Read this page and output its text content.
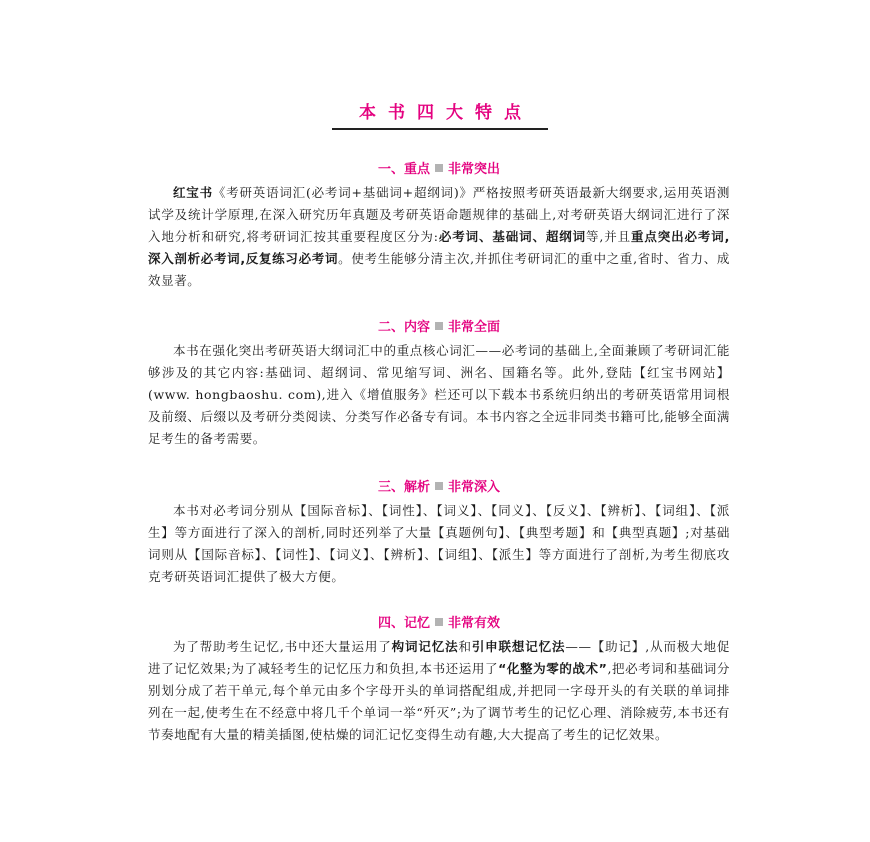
本书四大特点
一、重点 非常突出
红宝书《考研英语词汇(必考词+基础词+超纲词)》严格按照考研英语最新大纲要求,运用英语测试学及统计学原理,在深入研究历年真题及考研英语命题规律的基础上,对考研英语大纲词汇进行了深入地分析和研究,将考研词汇按其重要程度区分为:必考词、基础词、超纲词等,并且重点突出必考词,深入剖析必考词,反复练习必考词。使考生能够分清主次,并抓住考研词汇的重中之重,省时、省力、成效显著。
二、内容 非常全面
本书在强化突出考研英语大纲词汇中的重点核心词汇——必考词的基础上,全面兼顾了考研词汇能够涉及的其它内容:基础词、超纲词、常见缩写词、洲名、国籍名等。此外,登陆【红宝书网站】(www. hongbaoshu. com),进入《增值服务》栏还可以下载本书系统归纳出的考研英语常用词根及前缀、后缀以及考研分类阅读、分类写作必备专有词。本书内容之全远非同类书籍可比,能够全面满足考生的备考需要。
三、解析 非常深入
本书对必考词分别从【国际音标】、【词性】、【词义】、【同义】、【反义】、【辨析】、【词组】、【派生】等方面进行了深入的剖析,同时还列举了大量【真题例句】、【典型考题】和【典型真题】;对基础词则从【国际音标】、【词性】、【词义】、【辨析】、【词组】、【派生】等方面进行了剖析,为考生彻底攻克考研英语词汇提供了极大方便。
四、记忆 非常有效
为了帮助考生记忆,书中还大量运用了构词记忆法和引申联想记忆法——【助记】,从而极大地促进了记忆效果;为了减轻考生的记忆压力和负担,本书还运用了“化整为零的战术”,把必考词和基础词分别划分成了若干单元,每个单元由多个字母开头的单词搭配组成,并把同一字母开头的有关联的单词排列在一起,使考生在不经意中将几千个单词一举“歼灭”;为了调节考生的记忆心理、消除疲劳,本书还有节奏地配有大量的精美插图,使枯燥的词汇记忆变得生动有趣,大大提高了考生的记忆效果。
